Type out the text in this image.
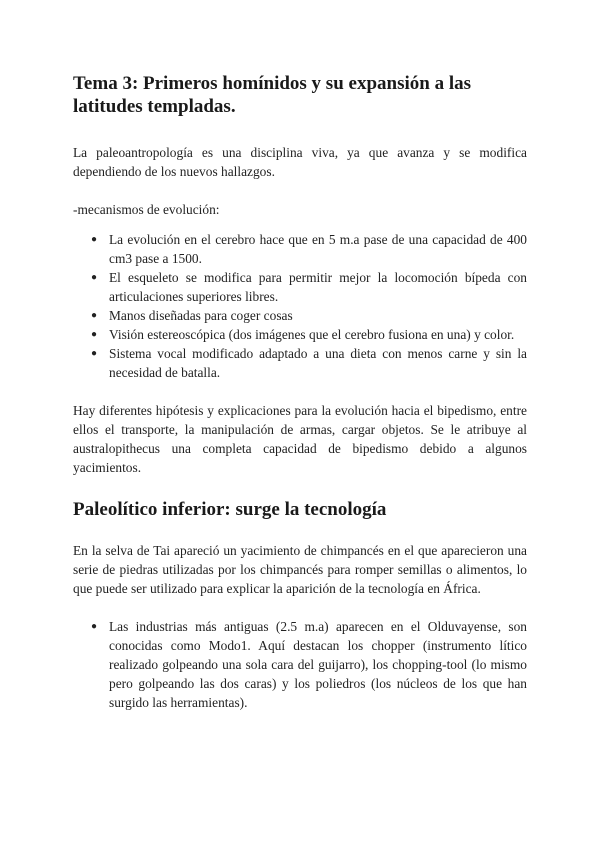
Tema 3: Primeros homínidos y su expansión a las latitudes templadas.

La paleoantropología es una disciplina viva, ya que avanza y se modifica dependiendo de los nuevos hallazgos.

-mecanismos de evolución:

● La evolución en el cerebro hace que en 5 m.a pase de una capacidad de 400 cm3 pase a 1500.
● El esqueleto se modifica para permitir mejor la locomoción bípeda con articulaciones superiores libres.
● Manos diseñadas para coger cosas
● Visión estereoscópica (dos imágenes que el cerebro fusiona en una) y color.
● Sistema vocal modificado adaptado a una dieta con menos carne y sin la necesidad de batalla.

Hay diferentes hipótesis y explicaciones para la evolución hacia el bipedismo, entre ellos el transporte, la manipulación de armas, cargar objetos. Se le atribuye al australopithecus una completa capacidad de bipedismo debido a algunos yacimientos.

Paleolítico inferior: surge la tecnología

En la selva de Tai apareció un yacimiento de chimpancés en el que aparecieron una serie de piedras utilizadas por los chimpancés para romper semillas o alimentos, lo que puede ser utilizado para explicar la aparición de la tecnología en África.

● Las industrias más antiguas (2.5 m.a) aparecen en el Olduvayense, son conocidas como Modo1. Aquí destacan los chopper (instrumento lítico realizado golpeando una sola cara del guijarro), los chopping-tool (lo mismo pero golpeando las dos caras) y los poliedros (los núcleos de los que han surgido las herramientas).
